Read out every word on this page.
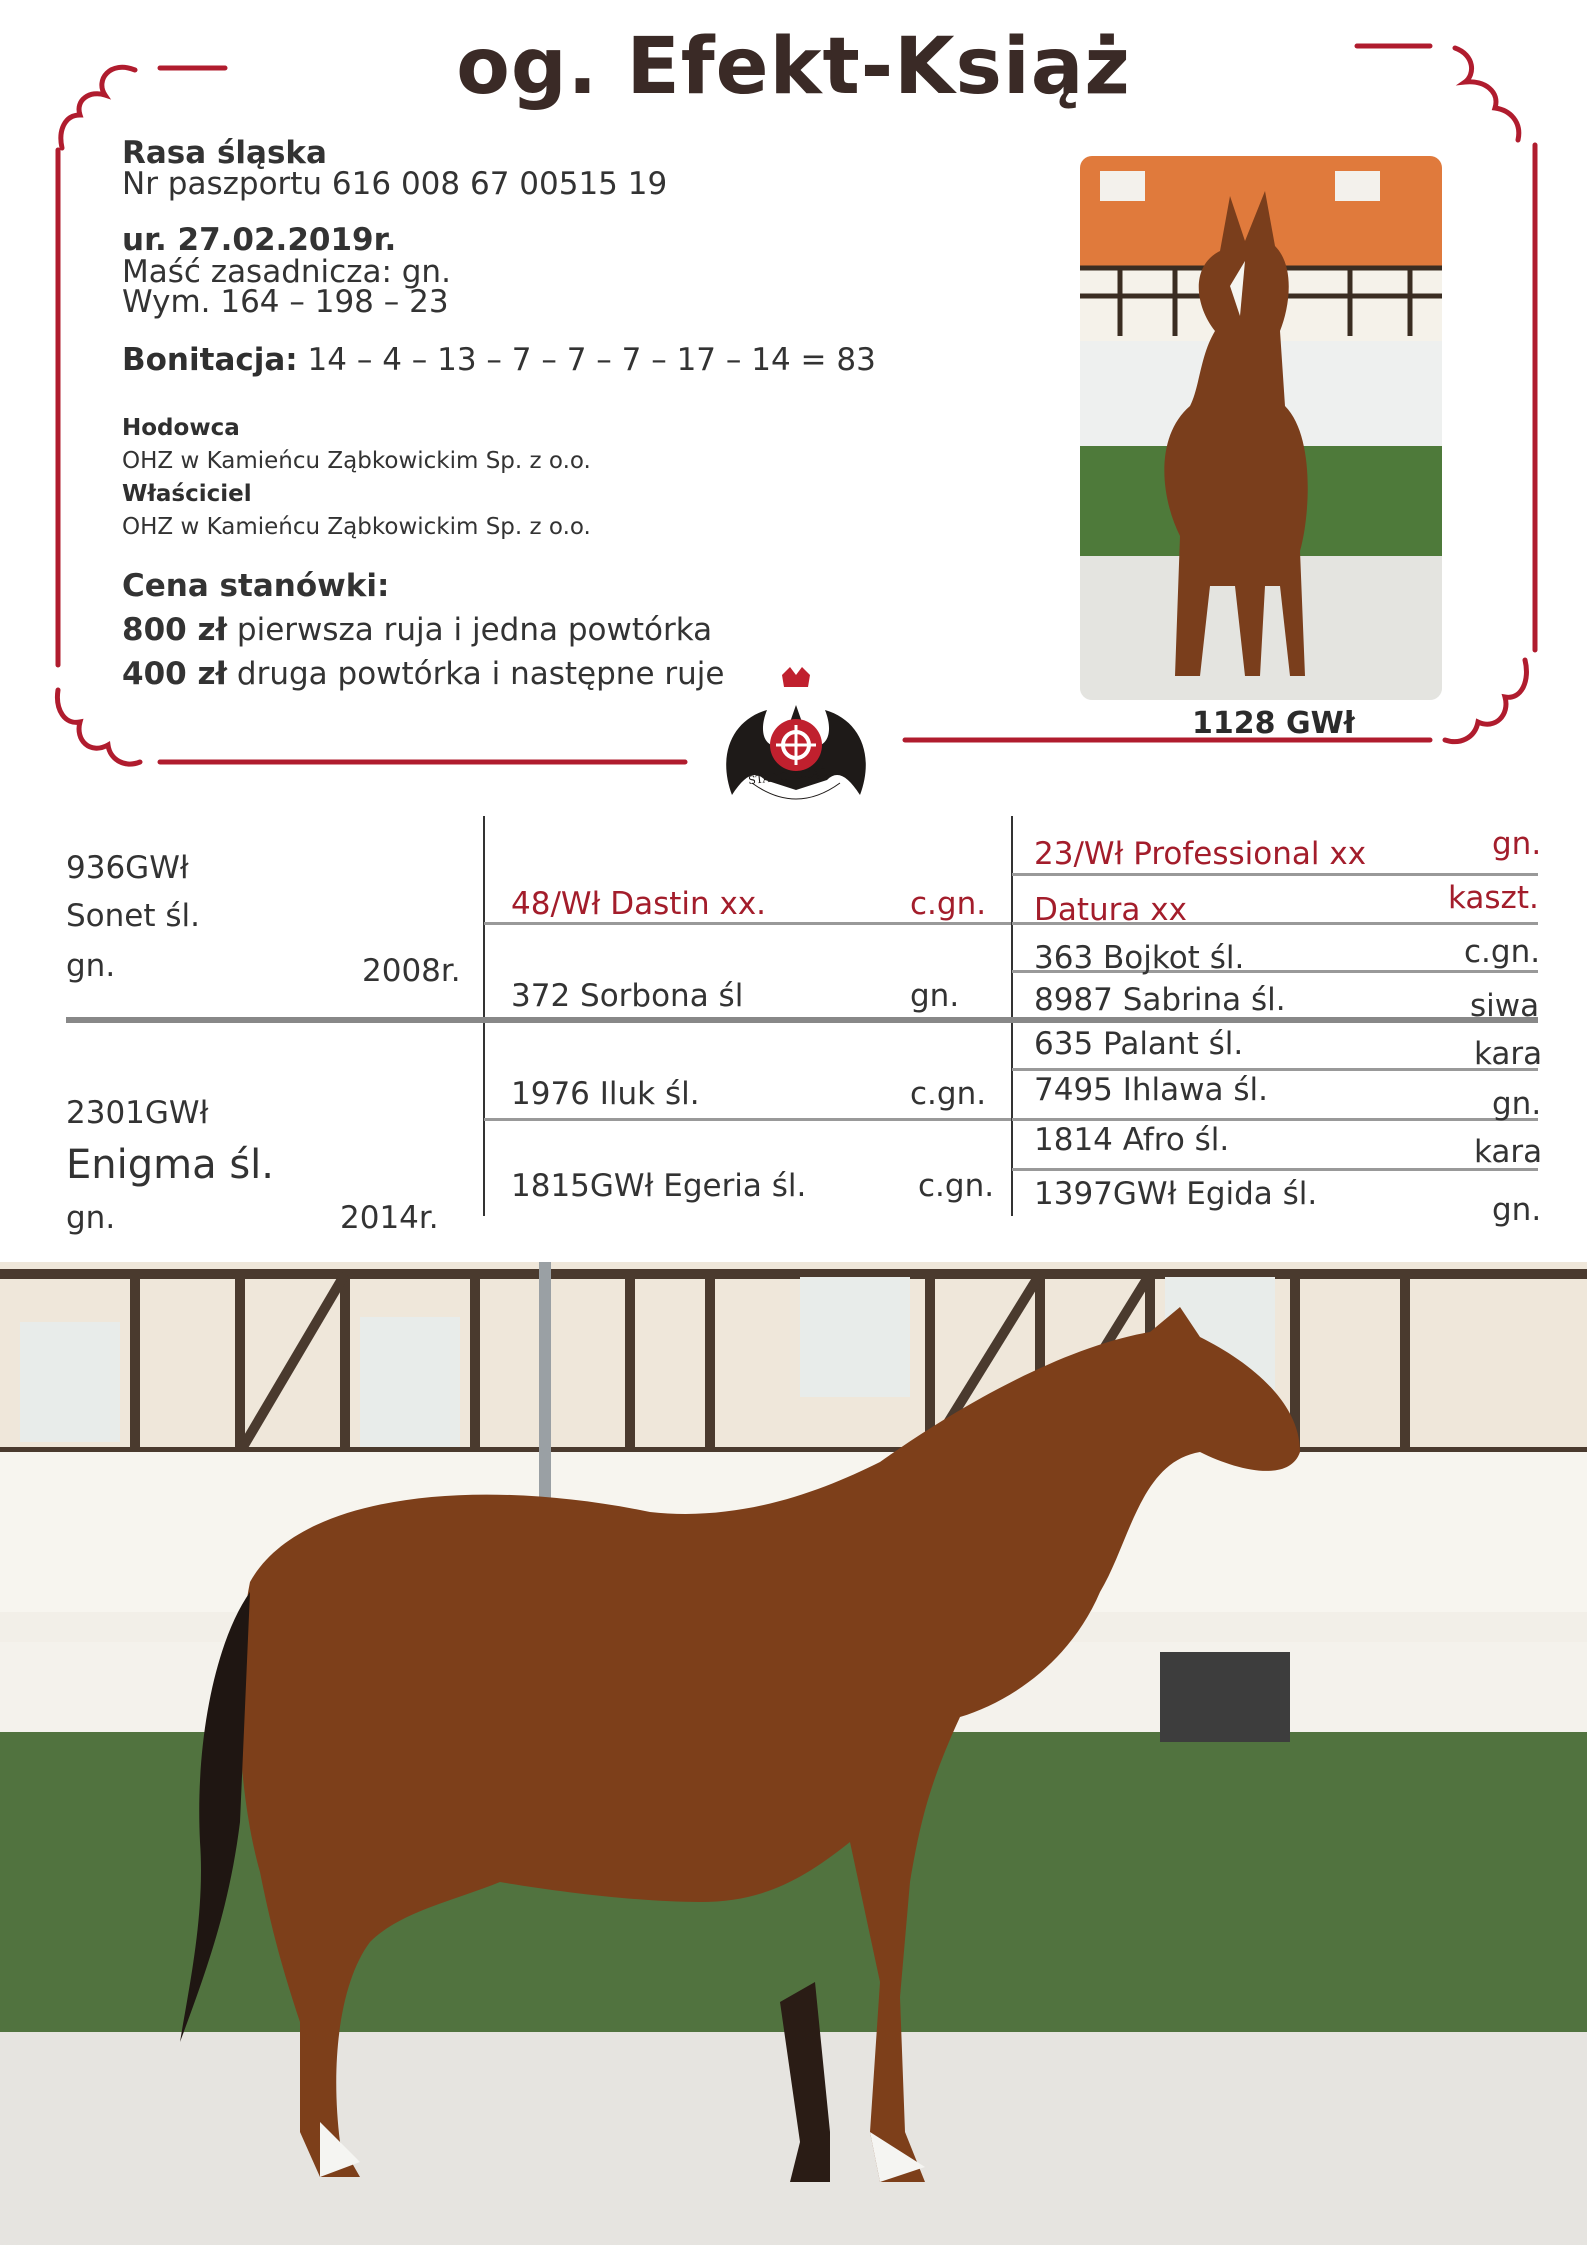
og. Efekt-Książ
Rasa śląska
Nr paszportu 616 008 67 00515 19
ur. 27.02.2019r.
Maść zasadnicza: gn.
Wym. 164 – 198 – 23
Bonitacja: 14 – 4 – 13 – 7 – 7 – 7 – 17 – 14 = 83
Hodowca
OHZ w Kamieńcu Ząbkowickim Sp. z o.o.
Właściciel
OHZ w Kamieńcu Ząbkowickim Sp. z o.o.
Cena stanówki:
800 zł pierwsza ruja i jedna powtórka
400 zł druga powtórka i następne ruje
1128 GWł
STADO KSIĄŻ
936GWł
Sonet śl.
gn.	2008r.
2301GWł
Enigma śl.
gn.	2014r.
48/Wł Dastin xx.	c.gn.
372 Sorbona śl	gn.
1976 Iluk śl.	c.gn.
1815GWł Egeria śl.	c.gn.
23/Wł Professional xx	gn.
Datura xx	kaszt.
363 Bojkot śl.	c.gn.
8987 Sabrina śl.	siwa
635 Palant śl.	kara
7495 Ihlawa śl.	gn.
1814 Afro śl.	kara
1397GWł Egida śl.	gn.
